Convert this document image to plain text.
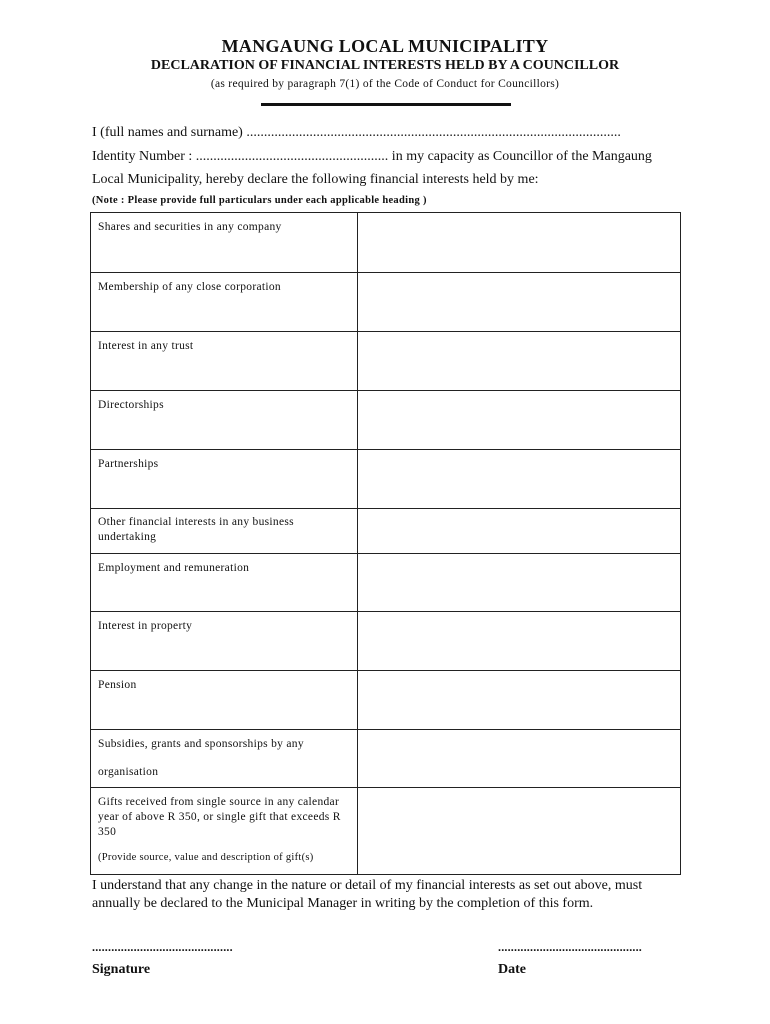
MANGAUNG LOCAL MUNICIPALITY
DECLARATION OF FINANCIAL INTERESTS HELD BY A COUNCILLOR
(as required by paragraph 7(1) of the Code of Conduct for Councillors)
I (full names and surname) ...........................................................................................................
Identity Number : ....................................................... in my capacity as Councillor of the Mangaung
Local Municipality, hereby declare the following financial interests held by me:
(Note : Please provide full particulars under each applicable heading )
Shares and securities in any company	

Membership of any close corporation	

Interest in any trust	

Directorships	

Partnerships	

Other financial interests in any business undertaking	

Employment and remuneration	

Interest in property	

Pension	

Subsidies, grants and sponsorships by any
organisation	

Gifts received from single source in any calendar year of above R 350, or single gift that exceeds R 350
(Provide source, value and description of gift(s)	

I understand that any change in the nature or detail of my financial interests as set out above, must annually be declared to the Municipal Manager in writing by the completion of this form.
............................................
Signature
.............................................
Date
